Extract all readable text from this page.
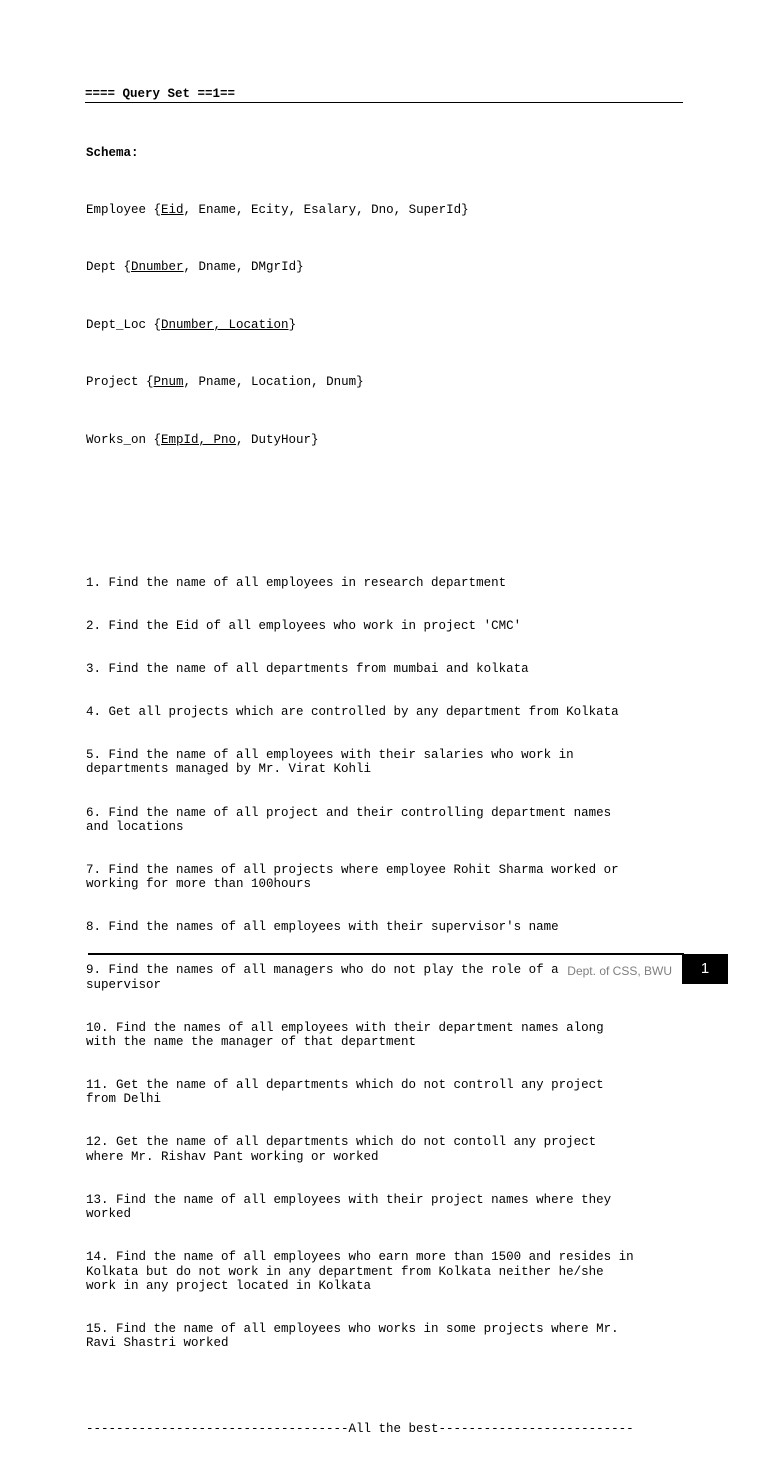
==== Query Set ==1==

Schema:

Employee {Eid, Ename, Ecity, Esalary, Dno, SuperId}

Dept {Dnumber, Dname, DMgrId}

Dept_Loc {Dnumber, Location}

Project {Pnum, Pname, Location, Dnum}

Works_on {EmpId, Pno, DutyHour}

1. Find the name of all employees in research department

2. Find the Eid of all employees who work in project 'CMC'

3. Find the name of all departments from mumbai and kolkata

4. Get all projects which are controlled by any department from Kolkata

5. Find the name of all employees with their salaries who work in
departments managed by Mr. Virat Kohli

6. Find the name of all project and their controlling department names
and locations

7. Find the names of all projects where employee Rohit Sharma worked or
working for more than 100hours

8. Find the names of all employees with their supervisor's name

9. Find the names of all managers who do not play the role of a
supervisor

10. Find the names of all employees with their department names along
with the name the manager of that department

11. Get the name of all departments which do not controll any project
from Delhi

12. Get the name of all departments which do not contoll any project
where Mr. Rishav Pant working or worked

13. Find the name of all employees with their project names where they
worked

14. Find the name of all employees who earn more than 1500 and resides in
Kolkata but do not work in any department from Kolkata neither he/she
work in any project located in Kolkata

15. Find the name of all employees who works in some projects where Mr.
Ravi Shastri worked

-----------------------------------All the best--------------------------

Dept. of CSS, BWU	1
